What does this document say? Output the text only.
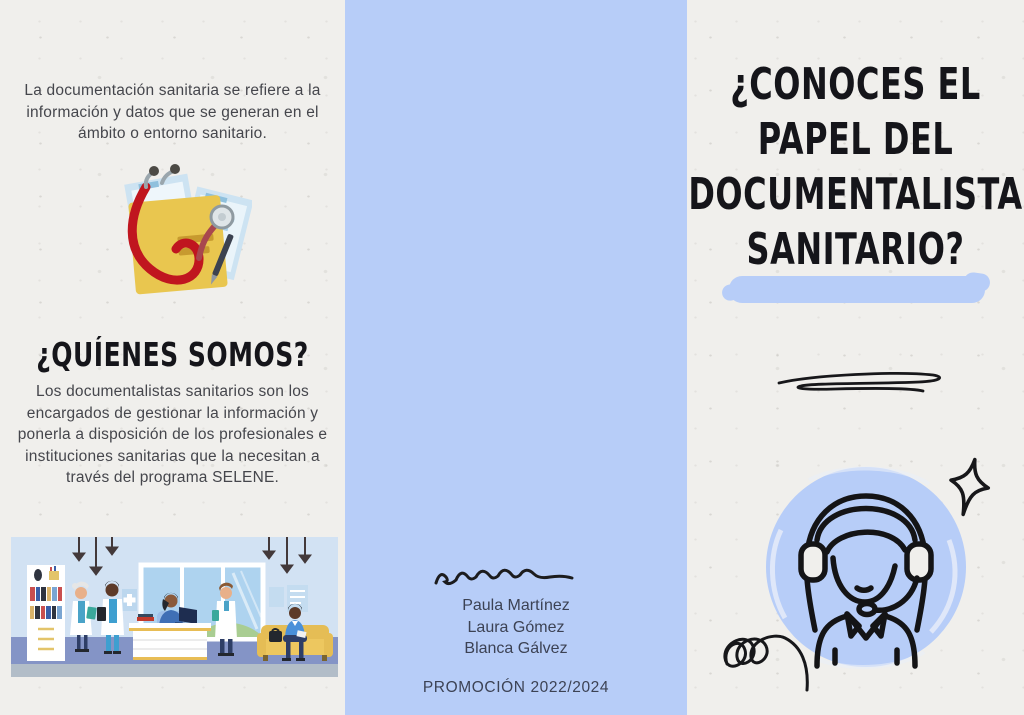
La documentación sanitaria se refiere a la información y datos que se generan en el ámbito o entorno sanitario.
¿QUÍENES SOMOS?
Los documentalistas sanitarios son los encargados de gestionar la información y ponerla a disposición de los profesionales e instituciones sanitarias que la necesitan a través del programa SELENE.
Paula Martínez
Laura Gómez
Blanca Gálvez
PROMOCIÓN 2022/2024
¿CONOCES EL
PAPEL DEL
DOCUMENTALISTA
SANITARIO?
